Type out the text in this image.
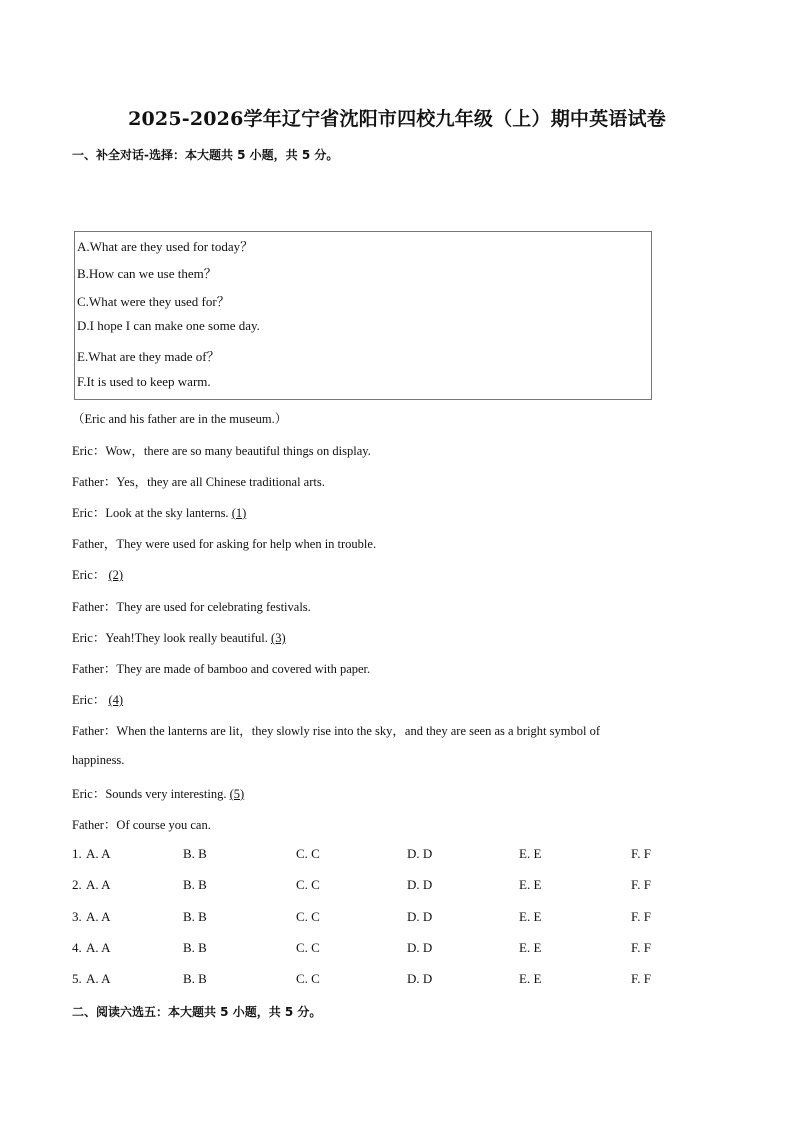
2025-2026学年辽宁省沈阳市四校九年级（上）期中英语试卷
一、补全对话-选择：本大题共 5 小题，共 5 分。
A.What are they used for today？
B.How can we use them？
C.What were they used for？
D.I hope I can make one some day.
E.What are they made of？
F.It is used to keep warm.
（Eric and his father are in the museum.）
Eric：Wow，there are so many beautiful things on display.
Father：Yes，they are all Chinese traditional arts.
Eric：Look at the sky lanterns. (1)
Father，They were used for asking for help when in trouble.
Eric： (2)
Father：They are used for celebrating festivals.
Eric：Yeah!They look really beautiful. (3)
Father：They are made of bamboo and covered with paper.
Eric： (4)
Father：When the lanterns are lit，they slowly rise into the sky，and they are seen as a bright symbol of
happiness.
Eric：Sounds very interesting. (5)
Father：Of course you can.
1. A. A	B. B	C. C	D. D	E. E	F. F
2. A. A	B. B	C. C	D. D	E. E	F. F
3. A. A	B. B	C. C	D. D	E. E	F. F
4. A. A	B. B	C. C	D. D	E. E	F. F
5. A. A	B. B	C. C	D. D	E. E	F. F
二、阅读六选五：本大题共 5 小题，共 5 分。
